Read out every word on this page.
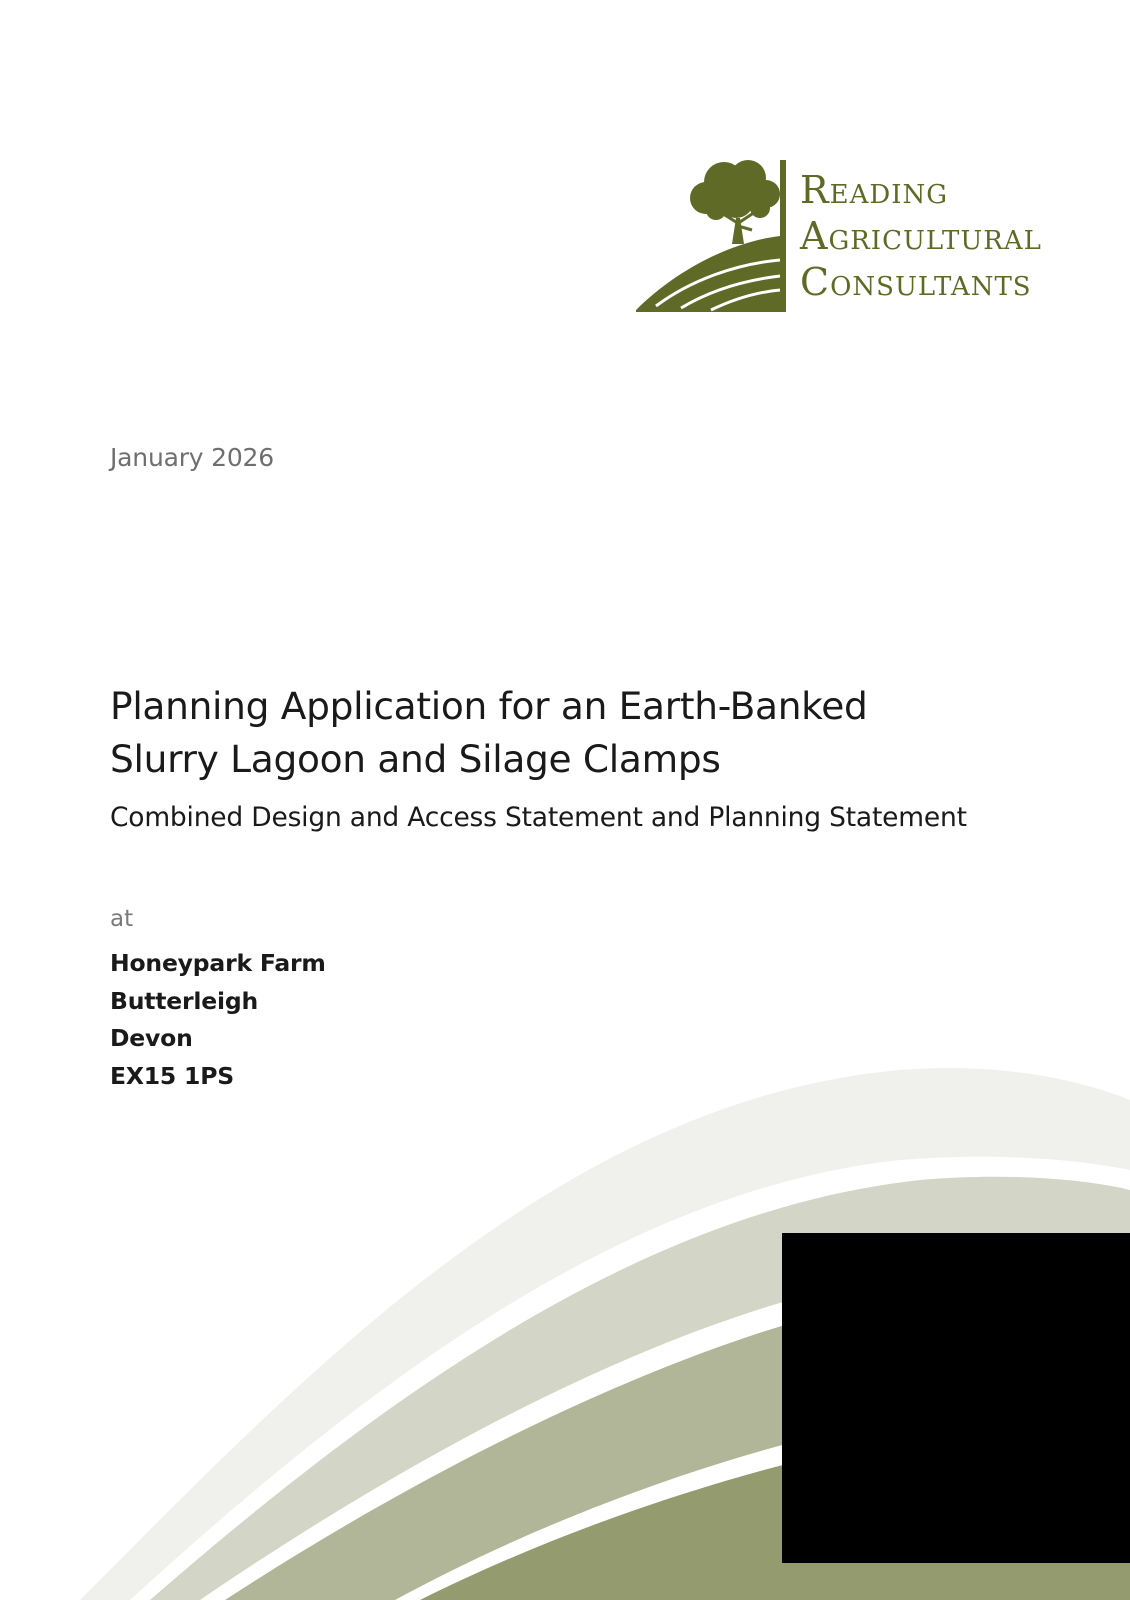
READING
AGRICULTURAL
CONSULTANTS
January 2026
Planning Application for an Earth-Banked
Slurry Lagoon and Silage Clamps
Combined Design and Access Statement and Planning Statement
at
Honeypark Farm
Butterleigh
Devon
EX15 1PS
